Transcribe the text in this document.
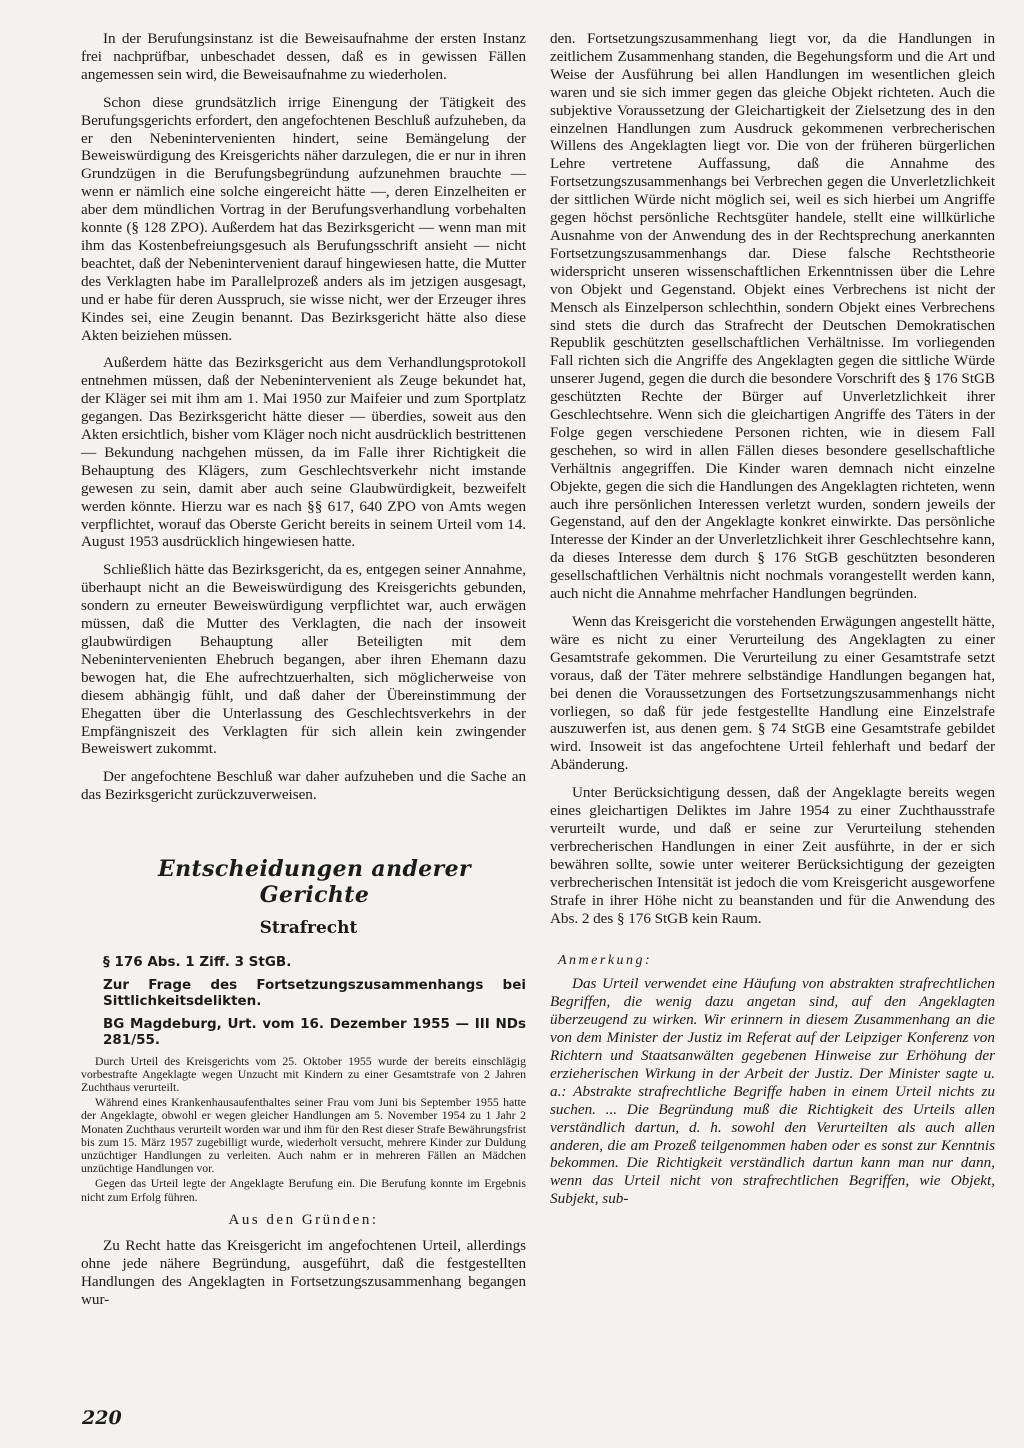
In der Berufungsinstanz ist die Beweisaufnahme der ersten Instanz frei nachprüfbar, unbeschadet dessen, daß es in gewissen Fällen angemessen sein wird, die Beweisaufnahme zu wiederholen.

Schon diese grundsätzlich irrige Einengung der Tätigkeit des Berufungsgerichts erfordert, den angefochtenen Beschluß aufzuheben, da er den Nebenintervenienten hindert, seine Bemängelung der Beweiswürdigung des Kreisgerichts näher darzulegen, die er nur in ihren Grundzügen in die Berufungsbegründung aufzunehmen brauchte — wenn er nämlich eine solche eingereicht hätte —, deren Einzelheiten er aber dem mündlichen Vortrag in der Berufungsverhandlung vorbehalten konnte (§ 128 ZPO). Außerdem hat das Bezirksgericht — wenn man mit ihm das Kostenbefreiungsgesuch als Berufungsschrift ansieht — nicht beachtet, daß der Nebenintervenient darauf hingewiesen hatte, die Mutter des Verklagten habe im Parallelprozeß anders als im jetzigen ausgesagt, und er habe für deren Ausspruch, sie wisse nicht, wer der Erzeuger ihres Kindes sei, eine Zeugin benannt. Das Bezirksgericht hätte also diese Akten beiziehen müssen.

Außerdem hätte das Bezirksgericht aus dem Verhandlungsprotokoll entnehmen müssen, daß der Nebenintervenient als Zeuge bekundet hat, der Kläger sei mit ihm am 1. Mai 1950 zur Maifeier und zum Sportplatz gegangen. Das Bezirksgericht hätte dieser — überdies, soweit aus den Akten ersichtlich, bisher vom Kläger noch nicht ausdrücklich bestrittenen — Bekundung nachgehen müssen, da im Falle ihrer Richtigkeit die Behauptung des Klägers, zum Geschlechtsverkehr nicht imstande gewesen zu sein, damit aber auch seine Glaubwürdigkeit, bezweifelt werden könnte. Hierzu war es nach §§ 617, 640 ZPO von Amts wegen verpflichtet, worauf das Oberste Gericht bereits in seinem Urteil vom 14. August 1953 ausdrücklich hingewiesen hatte.

Schließlich hätte das Bezirksgericht, da es, entgegen seiner Annahme, überhaupt nicht an die Beweiswürdigung des Kreisgerichts gebunden, sondern zu erneuter Beweiswürdigung verpflichtet war, auch erwägen müssen, daß die Mutter des Verklagten, die nach der insoweit glaubwürdigen Behauptung aller Beteiligten mit dem Nebenintervenienten Ehebruch begangen, aber ihren Ehemann dazu bewogen hat, die Ehe aufrechtzuerhalten, sich möglicherweise von diesem abhängig fühlt, und daß daher der Übereinstimmung der Ehegatten über die Unterlassung des Geschlechtsverkehrs in der Empfängniszeit des Verklagten für sich allein kein zwingender Beweiswert zukommt.

Der angefochtene Beschluß war daher aufzuheben und die Sache an das Bezirksgericht zurückzuverweisen.

Entscheidungen anderer Gerichte
Strafrecht

§ 176 Abs. 1 Ziff. 3 StGB.

Zur Frage des Fortsetzungszusammenhangs bei Sittlichkeitsdelikten.

BG Magdeburg, Urt. vom 16. Dezember 1955 — III NDs 281/55.

Durch Urteil des Kreisgerichts vom 25. Oktober 1955 wurde der bereits einschlägig vorbestrafte Angeklagte wegen Unzucht mit Kindern zu einer Gesamtstrafe von 2 Jahren Zuchthaus verurteilt.

Während eines Krankenhausaufenthaltes seiner Frau vom Juni bis September 1955 hatte der Angeklagte, obwohl er wegen gleicher Handlungen am 5. November 1954 zu 1 Jahr 2 Monaten Zuchthaus verurteilt worden war und ihm für den Rest dieser Strafe Bewährungsfrist bis zum 15. März 1957 zugebilligt wurde, wiederholt versucht, mehrere Kinder zur Duldung unzüchtiger Handlungen zu verleiten. Auch nahm er in mehreren Fällen an Mädchen unzüchtige Handlungen vor.

Gegen das Urteil legte der Angeklagte Berufung ein. Die Berufung konnte im Ergebnis nicht zum Erfolg führen.

Aus den Gründen:

Zu Recht hatte das Kreisgericht im angefochtenen Urteil, allerdings ohne jede nähere Begründung, ausgeführt, daß die festgestellten Handlungen des Angeklagten in Fortsetzungszusammenhang begangen wur-

den. Fortsetzungszusammenhang liegt vor, da die Handlungen in zeitlichem Zusammenhang standen, die Begehungsform und die Art und Weise der Ausführung bei allen Handlungen im wesentlichen gleich waren und sie sich immer gegen das gleiche Objekt richteten. Auch die subjektive Voraussetzung der Gleichartigkeit der Zielsetzung des in den einzelnen Handlungen zum Ausdruck gekommenen verbrecherischen Willens des Angeklagten liegt vor. Die von der früheren bürgerlichen Lehre vertretene Auffassung, daß die Annahme des Fortsetzungszusammenhangs bei Verbrechen gegen die Unverletzlichkeit der sittlichen Würde nicht möglich sei, weil es sich hierbei um Angriffe gegen höchst persönliche Rechtsgüter handele, stellt eine willkürliche Ausnahme von der Anwendung des in der Rechtsprechung anerkannten Fortsetzungszusammenhangs dar. Diese falsche Rechtstheorie widerspricht unseren wissenschaftlichen Erkenntnissen über die Lehre von Objekt und Gegenstand. Objekt eines Verbrechens ist nicht der Mensch als Einzelperson schlechthin, sondern Objekt eines Verbrechens sind stets die durch das Strafrecht der Deutschen Demokratischen Republik geschützten gesellschaftlichen Verhältnisse. Im vorliegenden Fall richten sich die Angriffe des Angeklagten gegen die sittliche Würde unserer Jugend, gegen die durch die besondere Vorschrift des § 176 StGB geschützten Rechte der Bürger auf Unverletzlichkeit ihrer Geschlechtsehre. Wenn sich die gleichartigen Angriffe des Täters in der Folge gegen verschiedene Personen richten, wie in diesem Fall geschehen, so wird in allen Fällen dieses besondere gesellschaftliche Verhältnis angegriffen. Die Kinder waren demnach nicht einzelne Objekte, gegen die sich die Handlungen des Angeklagten richteten, wenn auch ihre persönlichen Interessen verletzt wurden, sondern jeweils der Gegenstand, auf den der Angeklagte konkret einwirkte. Das persönliche Interesse der Kinder an der Unverletzlichkeit ihrer Geschlechtsehre kann, da dieses Interesse dem durch § 176 StGB geschützten besonderen gesellschaftlichen Verhältnis nicht nochmals vorangestellt werden kann, auch nicht die Annahme mehrfacher Handlungen begründen.

Wenn das Kreisgericht die vorstehenden Erwägungen angestellt hätte, wäre es nicht zu einer Verurteilung des Angeklagten zu einer Gesamtstrafe gekommen. Die Verurteilung zu einer Gesamtstrafe setzt voraus, daß der Täter mehrere selbständige Handlungen begangen hat, bei denen die Voraussetzungen des Fortsetzungszusammenhangs nicht vorliegen, so daß für jede festgestellte Handlung eine Einzelstrafe auszuwerfen ist, aus denen gem. § 74 StGB eine Gesamtstrafe gebildet wird. Insoweit ist das angefochtene Urteil fehlerhaft und bedarf der Abänderung.

Unter Berücksichtigung dessen, daß der Angeklagte bereits wegen eines gleichartigen Deliktes im Jahre 1954 zu einer Zuchthausstrafe verurteilt wurde, und daß er seine zur Verurteilung stehenden verbrecherischen Handlungen in einer Zeit ausführte, in der er sich bewähren sollte, sowie unter weiterer Berücksichtigung der gezeigten verbrecherischen Intensität ist jedoch die vom Kreisgericht ausgeworfene Strafe in ihrer Höhe nicht zu beanstanden und für die Anwendung des Abs. 2 des § 176 StGB kein Raum.

Anmerkung:

Das Urteil verwendet eine Häufung von abstrakten strafrechtlichen Begriffen, die wenig dazu angetan sind, auf den Angeklagten überzeugend zu wirken. Wir erinnern in diesem Zusammenhang an die von dem Minister der Justiz im Referat auf der Leipziger Konferenz von Richtern und Staatsanwälten gegebenen Hinweise zur Erhöhung der erzieherischen Wirkung in der Arbeit der Justiz. Der Minister sagte u. a.: Abstrakte strafrechtliche Begriffe haben in einem Urteil nichts zu suchen. ... Die Begründung muß die Richtigkeit des Urteils allen verständlich dartun, d. h. sowohl den Verurteilten als auch allen anderen, die am Prozeß teilgenommen haben oder es sonst zur Kenntnis bekommen. Die Richtigkeit verständlich dartun kann man nur dann, wenn das Urteil nicht von strafrechtlichen Begriffen, wie Objekt, Subjekt, sub-

220
